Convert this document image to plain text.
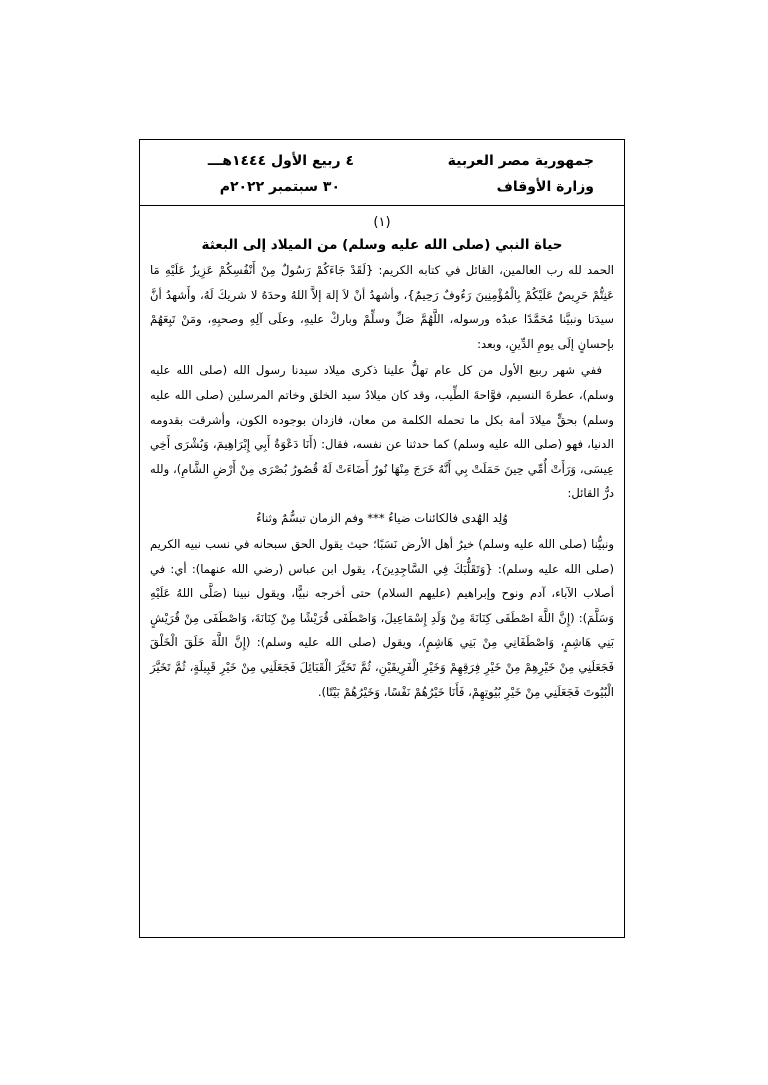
جمهورية مصر العربية
وزارة الأوقاف
٤ ربيع الأول ١٤٤٤هـــ
٣٠ سبتمبر ٢٠٢٢م
(١)
حياة النبي (صلى الله عليه وسلم) من الميلاد إلى البعثة

الحمد لله رب العالمين، القائل في كتابه الكريم: {لَقَدْ جَاءَكُمْ رَسُولٌ مِنْ أَنْفُسِكُمْ عَزِيزٌ عَلَيْهِ مَا عَنِتُّمْ حَرِيصٌ عَلَيْكُمْ بِالْمُؤْمِنِينَ رَءُوفٌ رَحِيمٌ}، وأشهدُ أنْ لاَ إلهَ إلاَّ اللهُ وحدَهُ لا شريكَ لَهُ، وأَشهدُ أنَّ سيدَنا ونبيَّنا مُحَمَّدًا عبدُه ورسوله، اللَّهُمَّ صَلِّ وسلِّمْ وباركْ عليهِ، وعلَى آلِهِ وصحبِهِ، ومَنْ تَبِعَهُمْ بإحسانٍ إلَى يومِ الدِّينِ، وبعد:

ففي شهر ربيع الأول من كل عام تهلُّ علينا ذكرى ميلاد سيدنا رسول الله (صلى الله عليه وسلم)، عطرةَ النسيم، فوَّاحةَ الطِّيب، وقد كان ميلادُ سيد الخلق وخاتم المرسلين (صلى الله عليه وسلم) بحقٍّ ميلادَ أمة بكل ما تحمله الكلمة من معان، فازدان بوجوده الكون، وأشرقت بقدومه الدنيا، فهو (صلى الله عليه وسلم) كما حدثنا عن نفسه، فقال: (أَنَا دَعْوَةُ أَبِي إِبْرَاهِيمَ، وَبُشْرَى أَخِي عِيسَى، وَرَأَتْ أُمِّي حِينَ حَمَلَتْ بِي أَنَّهُ خَرَجَ مِنْهَا نُورٌ أَضَاءَتْ لَهُ قُصُورُ بُصْرَى مِنْ أَرْضِ الشَّامِ)، ولله درُّ القائل:

وُلِد الهُدى فالكائنات ضياءُ *** وفم الزمان تبسُّمٌ وثناءُ

ونبيُّنا (صلى الله عليه وسلم) خيرُ أهل الأرض نَسَبًا؛ حيث يقول الحق سبحانه في نسب نبيه الكريم (صلى الله عليه وسلم): {وَتَقَلُّبَكَ فِي السَّاجِدِينَ}، يقول ابن عباس (رضي الله عنهما): أي: في أصلاب الآباء، آدم ونوح وإبراهيم (عليهم السلام) حتى أخرجه نبيًّا، ويقول نبينا (صَلَّى اللهُ عَلَيْهِ وَسَلَّمَ): (إِنَّ اللَّهَ اصْطَفَى كِنَانَةَ مِنْ وَلَدِ إِسْمَاعِيلَ، وَاصْطَفَى قُرَيْشًا مِنْ كِنَانَةَ، وَاصْطَفَى مِنْ قُرَيْشٍ بَنِي هَاشِمٍ، وَاصْطَفَانِي مِنْ بَنِي هَاشِمٍ)، ويقول (صلى الله عليه وسلم): (إِنَّ اللَّهَ خَلَقَ الْخَلْقَ فَجَعَلَنِي مِنْ خَيْرِهِمْ مِنْ خَيْرِ فِرَقِهِمْ وَخَيْرِ الْفَرِيقَيْنِ، ثُمَّ تَخَيَّرَ الْقَبَائِلَ فَجَعَلَنِي مِنْ خَيْرِ قَبِيلَةٍ، ثُمَّ تَخَيَّرَ الْبُيُوتَ فَجَعَلَنِي مِنْ خَيْرِ بُيُوتِهِمْ، فَأَنَا خَيْرُهُمْ نَفْسًا، وَخَيْرُهُمْ بَيْتًا).
